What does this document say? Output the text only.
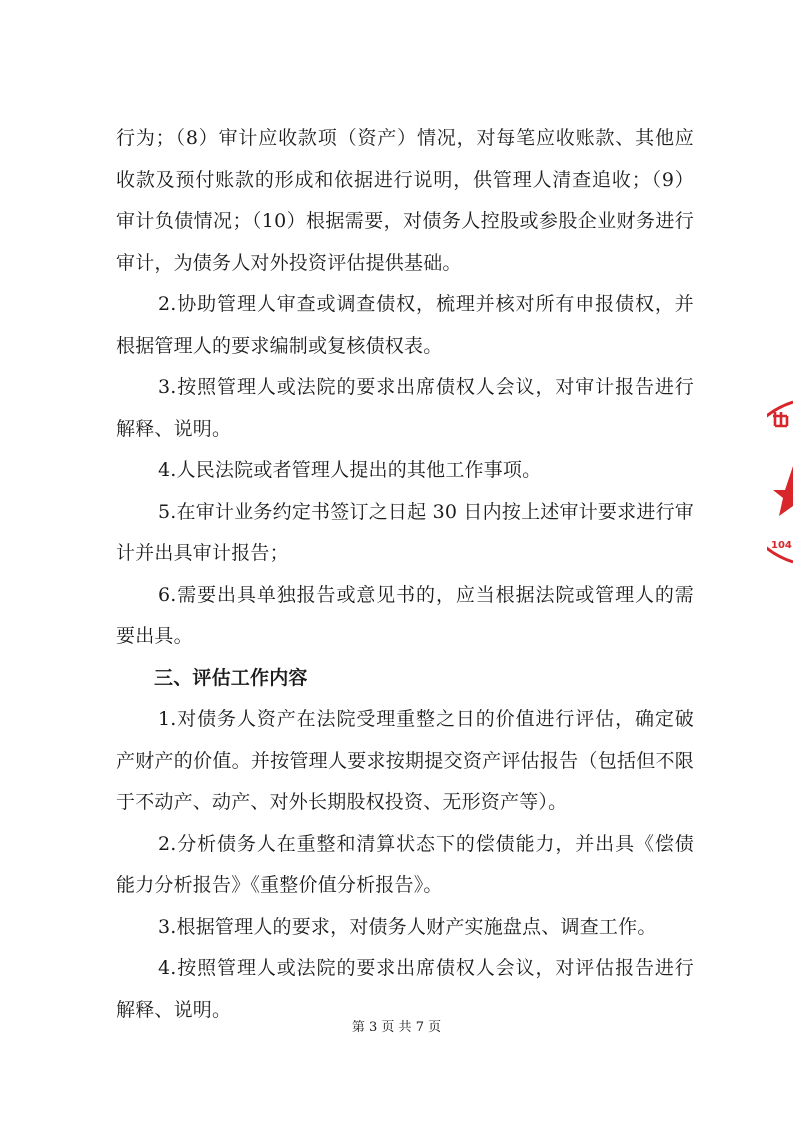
行为；（8）审计应收款项（资产）情况，对每笔应收账款、其他应收款及预付账款的形成和依据进行说明，供管理人清查追收；（9）审计负债情况；（10）根据需要，对债务人控股或参股企业财务进行审计，为债务人对外投资评估提供基础。

2.协助管理人审查或调查债权，梳理并核对所有申报债权，并根据管理人的要求编制或复核债权表。

3.按照管理人或法院的要求出席债权人会议，对审计报告进行解释、说明。

4.人民法院或者管理人提出的其他工作事项。

5.在审计业务约定书签订之日起 30 日内按上述审计要求进行审计并出具审计报告；

6.需要出具单独报告或意见书的，应当根据法院或管理人的需要出具。

三、评估工作内容

1.对债务人资产在法院受理重整之日的价值进行评估，确定破产财产的价值。并按管理人要求按期提交资产评估报告（包括但不限于不动产、动产、对外长期股权投资、无形资产等）。

2.分析债务人在重整和清算状态下的偿债能力，并出具《偿债能力分析报告》《重整价值分析报告》。

3.根据管理人的要求，对债务人财产实施盘点、调查工作。

4.按照管理人或法院的要求出席债权人会议，对评估报告进行解释、说明。

104
第 3 页 共 7 页
